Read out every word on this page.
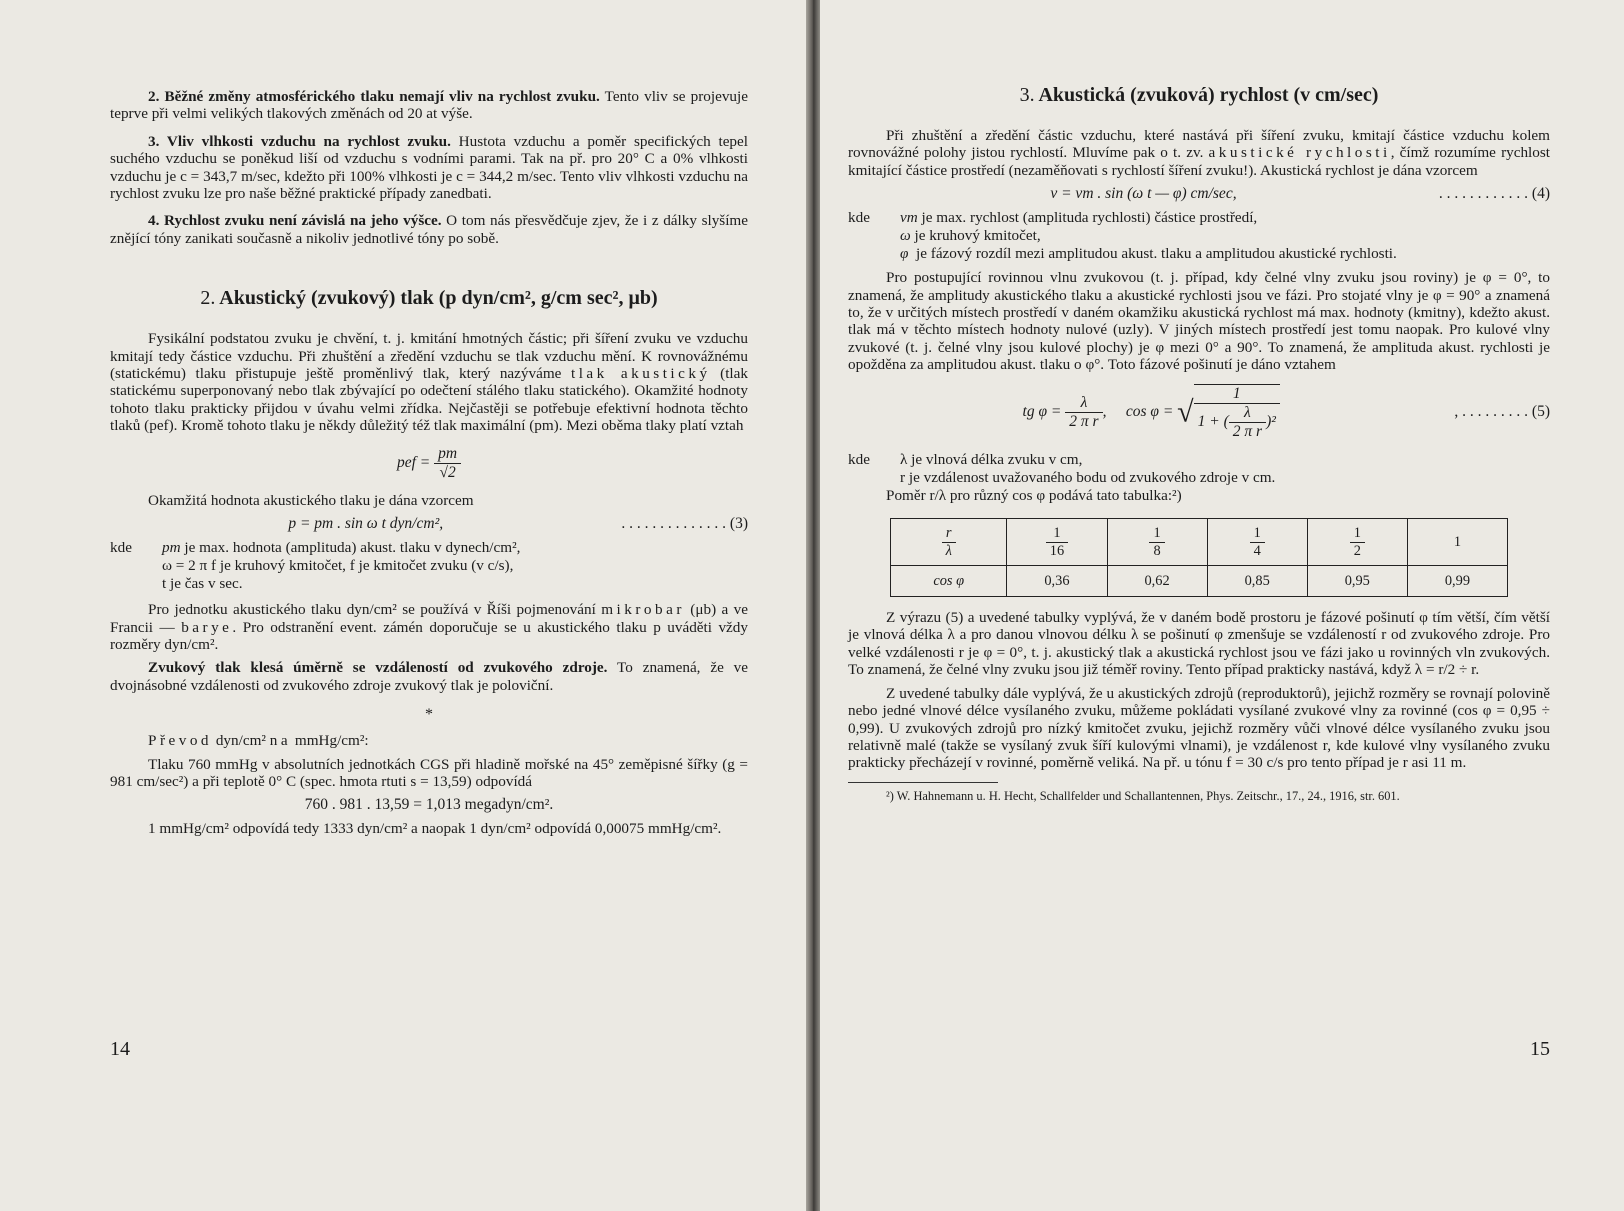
2. Běžné změny atmosférického tlaku nemají vliv na rychlost zvuku. Tento vliv se projevuje teprve při velmi velikých tlakových změnách od 20 at výše.

3. Vliv vlhkosti vzduchu na rychlost zvuku. Hustota vzduchu a poměr specifických tepel suchého vzduchu se poněkud liší od vzduchu s vodními parami. Tak na př. pro 20° C a 0% vlhkosti vzduchu je c = 343,7 m/sec, kdežto při 100% vlhkosti je c = 344,2 m/sec. Tento vliv vlhkosti vzduchu na rychlost zvuku lze pro naše běžné praktické případy zanedbati.

4. Rychlost zvuku není závislá na jeho výšce. O tom nás přesvědčuje zjev, že i z dálky slyšíme znějící tóny zanikati současně a nikoliv jednotlivé tóny po sobě.

2. Akustický (zvukový) tlak (p dyn/cm², g/cm sec², μb)

Fysikální podstatou zvuku je chvění, t. j. kmitání hmotných částic; při šíření zvuku ve vzduchu kmitají tedy částice vzduchu. Při zhuštění a zředění vzduchu se tlak vzduchu mění. K rovnovážnému (statickému) tlaku přistupuje ještě proměnlivý tlak, který nazýváme tlak akustický (tlak statickému superponovaný nebo tlak zbývající po odečtení stálého tlaku statického). Okamžité hodnoty tohoto tlaku prakticky přijdou v úvahu velmi zřídka. Nejčastěji se potřebuje efektivní hodnota těchto tlaků (pef). Kromě tohoto tlaku je někdy důležitý též tlak maximální (pm). Mezi oběma tlaky platí vztah

pef = $\frac{pm}{√2}$

Okamžitá hodnota akustického tlaku je dána vzorcem

p = pm . sin ω t dyn/cm²,	. . . . . . . . . . . . . . (3)
kde pm je max. hodnota (amplituda) akust. tlaku v dynech/cm²,
ω = 2 π f je kruhový kmitočet, f je kmitočet zvuku (v c/s),
t je čas v sec.

Pro jednotku akustického tlaku dyn/cm² se používá v Říši pojmenování mikrobar (μb) a ve Francii — barye. Pro odstranění event. zámén doporučuje se u akustického tlaku p uváděti vždy rozměry dyn/cm².

Zvukový tlak klesá úměrně se vzdáleností od zvukového zdroje. To znamená, že ve dvojnásobné vzdálenosti od zvukového zdroje zvukový tlak je poloviční.

*

Převod dyn/cm² na mmHg/cm²:

Tlaku 760 mmHg v absolutních jednotkách CGS při hladině mořské na 45° zeměpisné šířky (g = 981 cm/sec²) a při teplotě 0° C (spec. hmota rtuti s = 13,59) odpovídá

760 . 981 . 13,59 = 1,013 megadyn/cm².

1 mmHg/cm² odpovídá tedy 1333 dyn/cm² a naopak 1 dyn/cm² odpovídá 0,00075 mmHg/cm².

14
3. Akustická (zvuková) rychlost (v cm/sec)

Při zhuštění a zředění částic vzduchu, které nastává při šíření zvuku, kmitají částice vzduchu kolem rovnovážné polohy jistou rychlostí. Mluvíme pak o t. zv. akustické rychlosti, čímž rozumíme rychlost kmitající částice prostředí (nezaměňovati s rychlostí šíření zvuku!). Akustická rychlost je dána vzorcem

v = vm . sin (ω t — φ) cm/sec,	. . . . . . . . . . . . (4)
kde vm je max. rychlost (amplituda rychlosti) částice prostředí,
ω je kruhový kmitočet,
φ je fázový rozdíl mezi amplitudou akust. tlaku a amplitudou akustické rychlosti.

Pro postupující rovinnou vlnu zvukovou (t. j. případ, kdy čelné vlny zvuku jsou roviny) je φ = 0°, to znamená, že amplitudy akustického tlaku a akustické rychlosti jsou ve fázi. Pro stojaté vlny je φ = 90° a znamená to, že v určitých místech prostředí v daném okamžiku akustická rychlost má max. hodnoty (kmitny), kdežto akust. tlak má v těchto místech hodnoty nulové (uzly). V jiných místech prostředí jest tomu naopak. Pro kulové vlny zvukové (t. j. čelné vlny jsou kulové plochy) je φ mezi 0° a 90°. To znamená, že amplituda akust. rychlosti je opožděna za amplitudou akust. tlaku o φ°. Toto fázové pošinutí je dáno vztahem

tg $\varphi = \frac{\lambda}{\text{2 π r}}$ , cos φ = √ $\frac{1}{1 + ( \frac{\lambda}{\text{2 π r}} )^2}$	, . . . . . . . . . (5)
kde λ je vlnová délka zvuku v cm,
r je vzdálenost uvažovaného bodu od zvukového zdroje v cm.

Poměr r/λ pro různý cos φ podává tato tabulka:²)

$\frac{r}{\lambda}$	$\frac{1}{16}$	$\frac{1}{8}$	$\frac{1}{4}$	$\frac{1}{2}$	1
cos φ	0,36	0,62	0,85	0,95	0,99

Z výrazu (5) a uvedené tabulky vyplývá, že v daném bodě prostoru je fázové pošinutí φ tím větší, čím větší je vlnová délka λ a pro danou vlnovou délku λ se pošinutí φ zmenšuje se vzdáleností r od zvukového zdroje. Pro velké vzdálenosti r je φ = 0°, t. j. akustický tlak a akustická rychlost jsou ve fázi jako u rovinných vln zvukových. To znamená, že čelné vlny zvuku jsou již téměř roviny. Tento případ prakticky nastává, když λ = r/2 ÷ r.

Z uvedené tabulky dále vyplývá, že u akustických zdrojů (reproduktorů), jejichž rozměry se rovnají polovině nebo jedné vlnové délce vysílaného zvuku, můžeme pokládati vysílané zvukové vlny za rovinné (cos φ = 0,95 ÷ 0,99). U zvukových zdrojů pro nízký kmitočet zvuku, jejichž rozměry vůči vlnové délce vysílaného zvuku jsou relativně malé (takže se vysílaný zvuk šíří kulovými vlnami), je vzdálenost r, kde kulové vlny vysílaného zvuku prakticky přecházejí v rovinné, poměrně veliká. Na př. u tónu f = 30 c/s pro tento případ je r asi 11 m.

²) W. Hahnemann u. H. Hecht, Schallfelder und Schallantennen, Phys. Zeitschr., 17., 24., 1916, str. 601.

15
